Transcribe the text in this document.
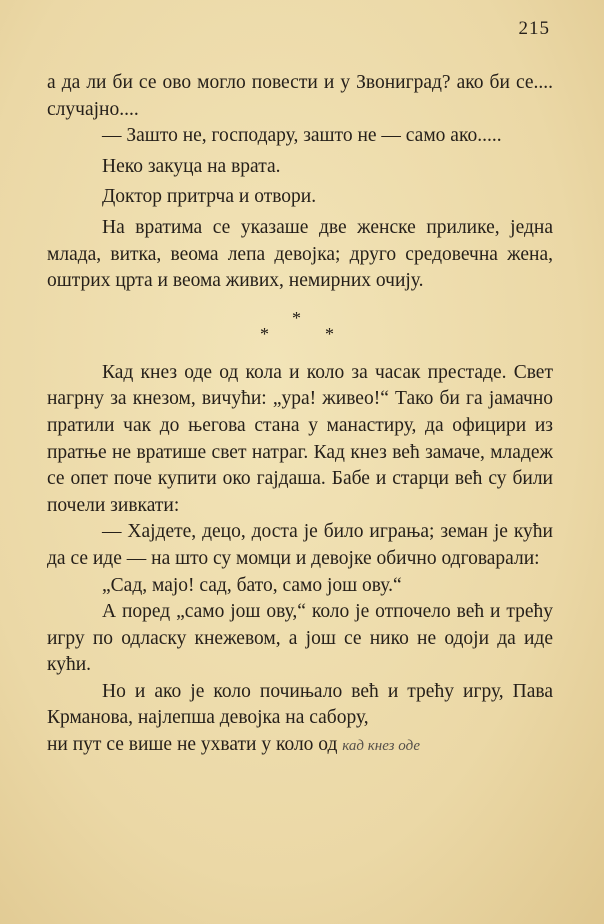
215

а да ли би се ово могло повести и у Звониград? ако би се.... случајно....

— Зашто не, господару, зашто не — само ако.....

Неко закуца на врата.

Доктор притрча и отвори.

На вратима се указаше две женске прилике, једна млада, витка, веома лепа девојка; друго средовечна жена, оштрих црта и веома живих, немирних очију.

*
*	*

Кад кнез оде од кола и коло за часак престаде. Свет нагрну за кнезом, вичући: „ура! живео!“ Тако би га јамачно пратили чак до његова стана у манастиру, да официри из пратње не вратише свет натраг. Кад кнез већ замаче, младеж се опет поче купити око гајдаша. Бабе и старци већ су били почели зивкати:

— Хајдете, децо, доста је било играња; земан је кући да се иде — на што су момци и девојке обично одговарали:

„Сад, мајо! сад, бато, само још ову.“

А поред „само још ову,“ коло је отпочело већ и трећу игру по одласку кнежевом, а још се нико не одоји да иде кући.

Но и ако је коло почињало већ и трећу игру, Пава Крманова, најлепша девојка на сабору,

ни пут се више не ухвати у коло од кад кнез оде
